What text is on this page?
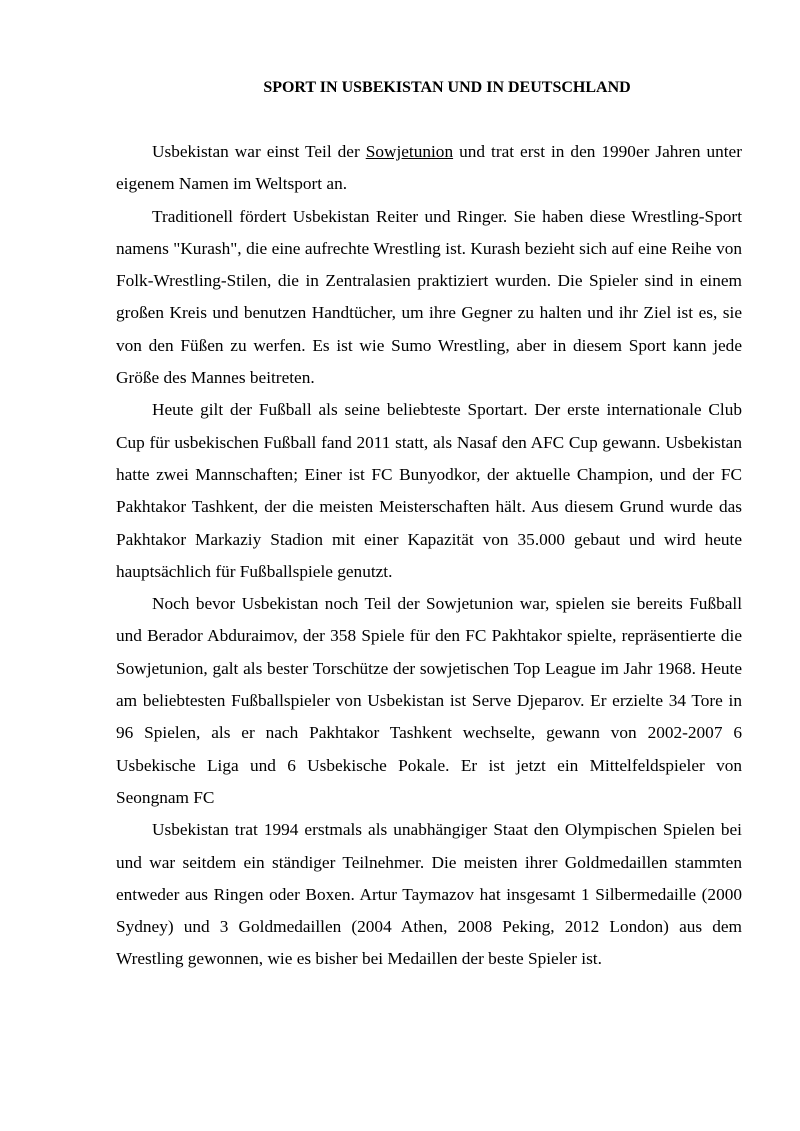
SPORT IN USBEKISTAN UND IN DEUTSCHLAND

Usbekistan war einst Teil der Sowjetunion und trat erst in den 1990er Jahren unter eigenem Namen im Weltsport an.

Traditionell fördert Usbekistan Reiter und Ringer. Sie haben diese Wrestling-Sport namens "Kurash", die eine aufrechte Wrestling ist. Kurash bezieht sich auf eine Reihe von Folk-Wrestling-Stilen, die in Zentralasien praktiziert wurden. Die Spieler sind in einem großen Kreis und benutzen Handtücher, um ihre Gegner zu halten und ihr Ziel ist es, sie von den Füßen zu werfen. Es ist wie Sumo Wrestling, aber in diesem Sport kann jede Größe des Mannes beitreten.

Heute gilt der Fußball als seine beliebteste Sportart. Der erste internationale Club Cup für usbekischen Fußball fand 2011 statt, als Nasaf den AFC Cup gewann. Usbekistan hatte zwei Mannschaften; Einer ist FC Bunyodkor, der aktuelle Champion, und der FC Pakhtakor Tashkent, der die meisten Meisterschaften hält. Aus diesem Grund wurde das Pakhtakor Markaziy Stadion mit einer Kapazität von 35.000 gebaut und wird heute hauptsächlich für Fußballspiele genutzt.

Noch bevor Usbekistan noch Teil der Sowjetunion war, spielen sie bereits Fußball und Berador Abduraimov, der 358 Spiele für den FC Pakhtakor spielte, repräsentierte die Sowjetunion, galt als bester Torschütze der sowjetischen Top League im Jahr 1968. Heute am beliebtesten Fußballspieler von Usbekistan ist Serve Djeparov. Er erzielte 34 Tore in 96 Spielen, als er nach Pakhtakor Tashkent wechselte, gewann von 2002-2007 6 Usbekische Liga und 6 Usbekische Pokale. Er ist jetzt ein Mittelfeldspieler von Seongnam FC

Usbekistan trat 1994 erstmals als unabhängiger Staat den Olympischen Spielen bei und war seitdem ein ständiger Teilnehmer. Die meisten ihrer Goldmedaillen stammten entweder aus Ringen oder Boxen. Artur Taymazov hat insgesamt 1 Silbermedaille (2000 Sydney) und 3 Goldmedaillen (2004 Athen, 2008 Peking, 2012 London) aus dem Wrestling gewonnen, wie es bisher bei Medaillen der beste Spieler ist.
